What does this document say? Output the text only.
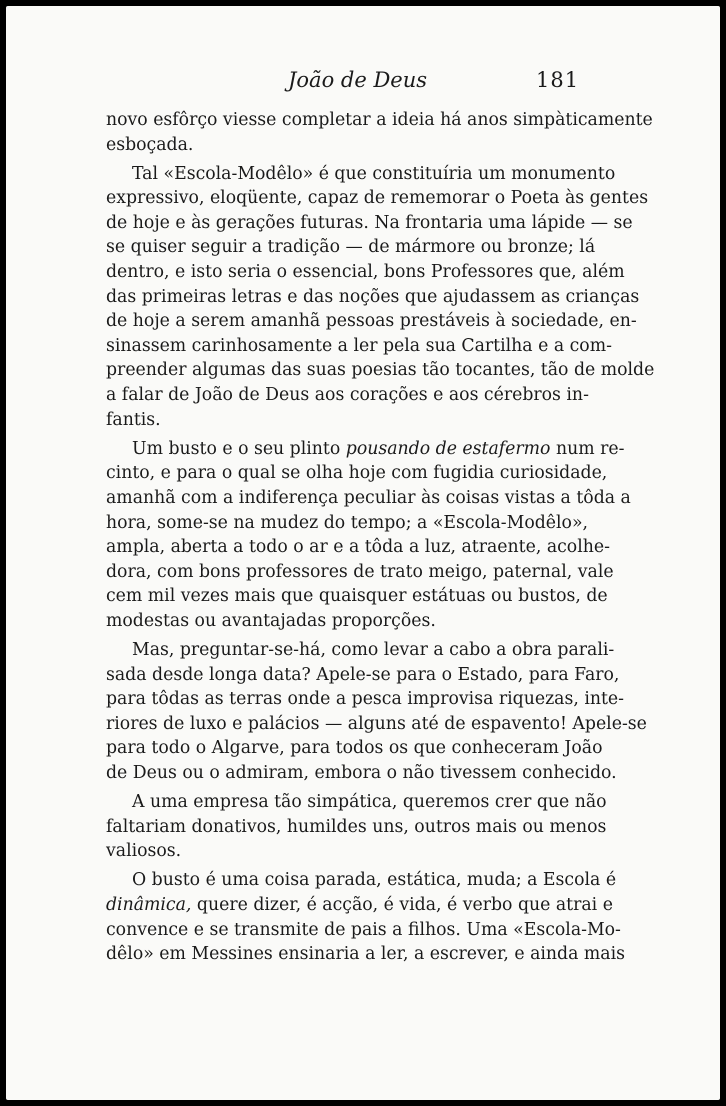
João de Deus	181
novo esfôrço viesse completar a ideia há anos simpàticamente
esboçada.
Tal «Escola-Modêlo» é que constituíria um monumento
expressivo, eloqüente, capaz de rememorar o Poeta às gentes
de hoje e às gerações futuras. Na frontaria uma lápide — se
se quiser seguir a tradição — de mármore ou bronze; lá
dentro, e isto seria o essencial, bons Professores que, além
das primeiras letras e das noções que ajudassem as crianças
de hoje a serem amanhã pessoas prestáveis à sociedade, en-
sinassem carinhosamente a ler pela sua Cartilha e a com-
preender algumas das suas poesias tão tocantes, tão de molde
a falar de João de Deus aos corações e aos cérebros in-
fantis.
Um busto e o seu plinto pousando de estafermo num re-
cinto, e para o qual se olha hoje com fugidia curiosidade,
amanhã com a indiferença peculiar às coisas vistas a tôda a
hora, some-se na mudez do tempo; a «Escola-Modêlo»,
ampla, aberta a todo o ar e a tôda a luz, atraente, acolhe-
dora, com bons professores de trato meigo, paternal, vale
cem mil vezes mais que quaisquer estátuas ou bustos, de
modestas ou avantajadas proporções.
Mas, preguntar-se-há, como levar a cabo a obra parali-
sada desde longa data? Apele-se para o Estado, para Faro,
para tôdas as terras onde a pesca improvisa riquezas, inte-
riores de luxo e palácios — alguns até de espavento! Apele-se
para todo o Algarve, para todos os que conheceram João
de Deus ou o admiram, embora o não tivessem conhecido.
A uma empresa tão simpática, queremos crer que não
faltariam donativos, humildes uns, outros mais ou menos
valiosos.
O busto é uma coisa parada, estática, muda; a Escola é
dinâmica, quere dizer, é acção, é vida, é verbo que atrai e
convence e se transmite de pais a filhos. Uma «Escola-Mo-
dêlo» em Messines ensinaria a ler, a escrever, e ainda mais
